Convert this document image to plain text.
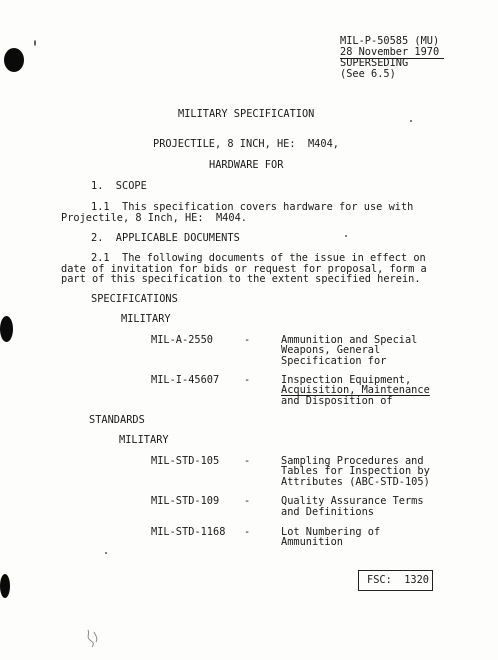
MIL-P-50585 (MU)
28 November 1970
SUPERSEDING
(See 6.5)
MILITARY SPECIFICATION
PROJECTILE, 8 INCH, HE:  M404,
HARDWARE FOR
1.  SCOPE
1.1  This specification covers hardware for use with
Projectile, 8 Inch, HE:  M404.
2.  APPLICABLE DOCUMENTS
2.1  The following documents of the issue in effect on
date of invitation for bids or request for proposal, form a
part of this specification to the extent specified herein.
SPECIFICATIONS
MILITARY
MIL-A-2550	-	Ammunition and Special
Weapons, General
Specification for
MIL-I-45607 -	Inspection Equipment,
Acquisition, Maintenance
and Disposition of
STANDARDS
MILITARY
MIL-STD-105 -	Sampling Procedures and
Tables for Inspection by
Attributes (ABC-STD-105)
MIL-STD-109 -	Quality Assurance Terms
and Definitions
MIL-STD-1168 -	Lot Numbering of
Ammunition
FSC:  1320
